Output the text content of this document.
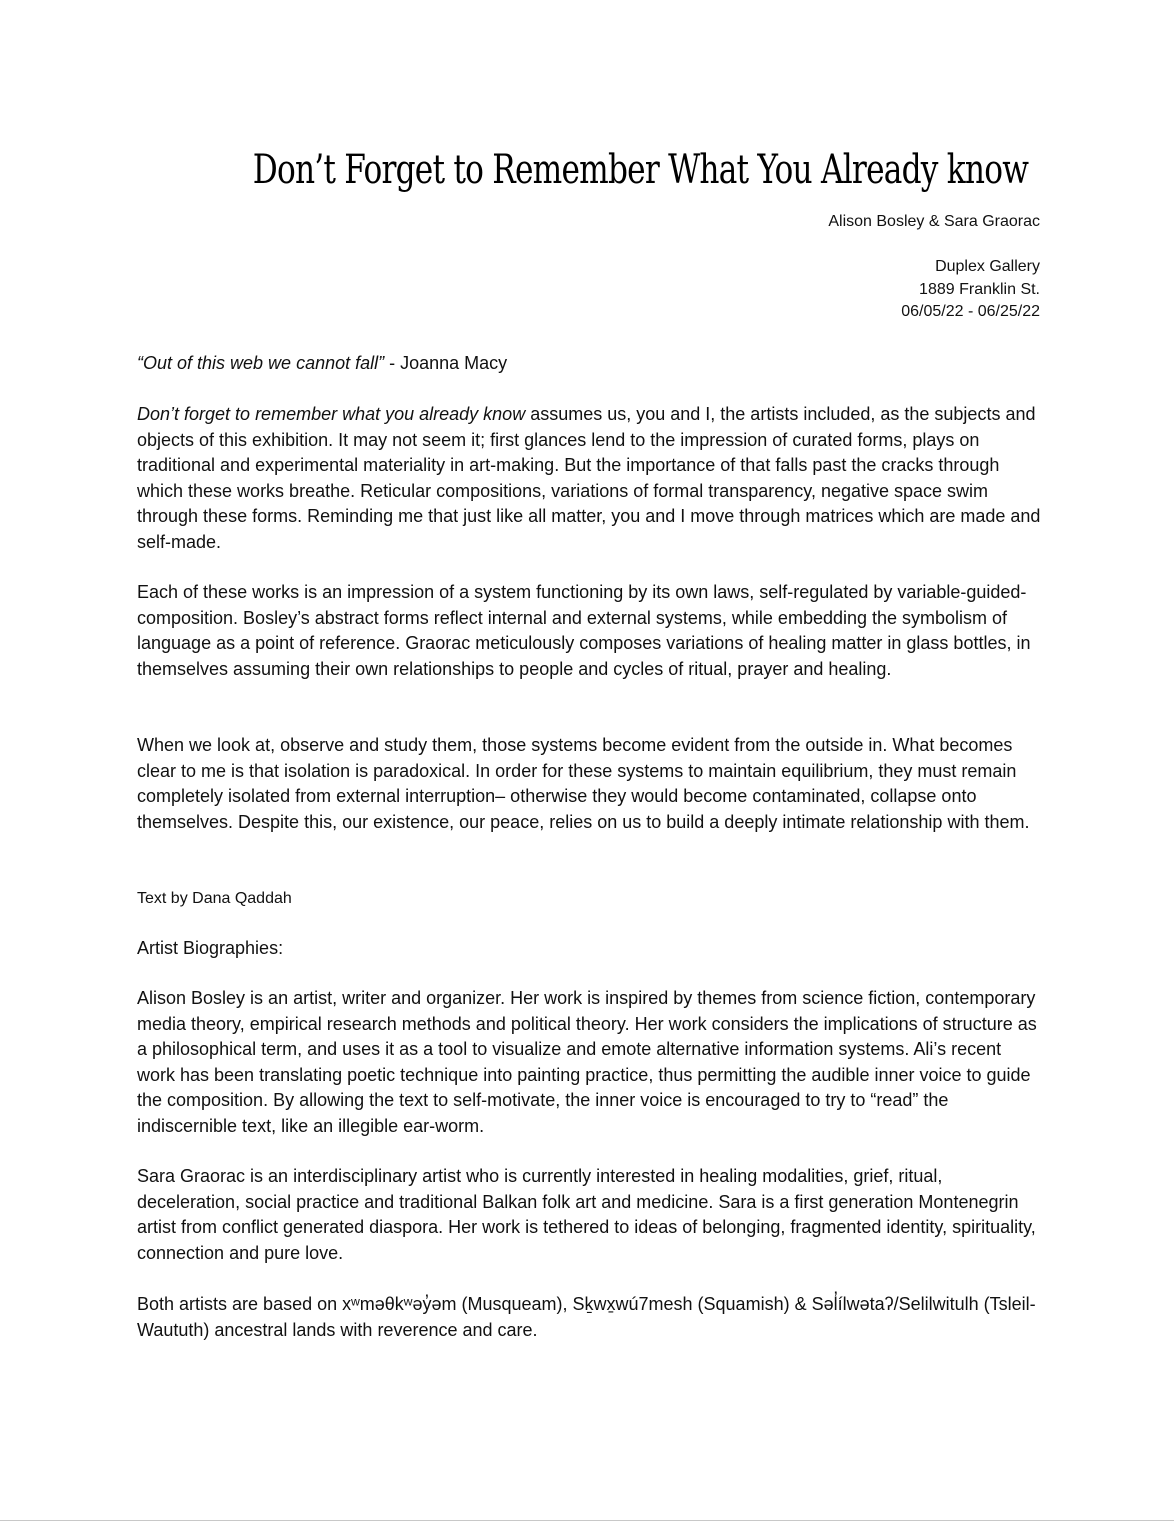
Don’t Forget to Remember What You Already know
Alison Bosley & Sara Graorac
Duplex Gallery
1889 Franklin St.
06/05/22 - 06/25/22

“Out of this web we cannot fall” - Joanna Macy

Don’t forget to remember what you already know assumes us, you and I, the artists included, as the subjects and objects of this exhibition. It may not seem it; first glances lend to the impression of curated forms, plays on traditional and experimental materiality in art-making. But the importance of that falls past the cracks through which these works breathe. Reticular compositions, variations of formal transparency, negative space swim through these forms. Reminding me that just like all matter, you and I move through matrices which are made and self-made.

Each of these works is an impression of a system functioning by its own laws, self-regulated by variable-guided-composition. Bosley’s abstract forms reflect internal and external systems, while embedding the symbolism of language as a point of reference. Graorac meticulously composes variations of healing matter in glass bottles, in themselves assuming their own relationships to people and cycles of ritual, prayer and healing.

When we look at, observe and study them, those systems become evident from the outside in. What becomes clear to me is that isolation is paradoxical. In order for these systems to maintain equilibrium, they must remain completely isolated from external interruption– otherwise they would become contaminated, collapse onto themselves. Despite this, our existence, our peace, relies on us to build a deeply intimate relationship with them.

Text by Dana Qaddah

Artist Biographies:

Alison Bosley is an artist, writer and organizer. Her work is inspired by themes from science fiction, contemporary media theory, empirical research methods and political theory. Her work considers the implications of structure as a philosophical term, and uses it as a tool to visualize and emote alternative information systems. Ali’s recent work has been translating poetic technique into painting practice, thus permitting the audible inner voice to guide the composition. By allowing the text to self-motivate, the inner voice is encouraged to try to “read” the indiscernible text, like an illegible ear-worm.

Sara Graorac is an interdisciplinary artist who is currently interested in healing modalities, grief, ritual, deceleration, social practice and traditional Balkan folk art and medicine. Sara is a first generation Montenegrin artist from conflict generated diaspora. Her work is tethered to ideas of belonging, fragmented identity, spirituality, connection and pure love.

Both artists are based on xʷməθkʷəy̓əm (Musqueam), Sḵwx̱wú7mesh (Squamish) & Səl̓ílwətaʔ/Selilwitulh (Tsleil-Waututh) ancestral lands with reverence and care.
